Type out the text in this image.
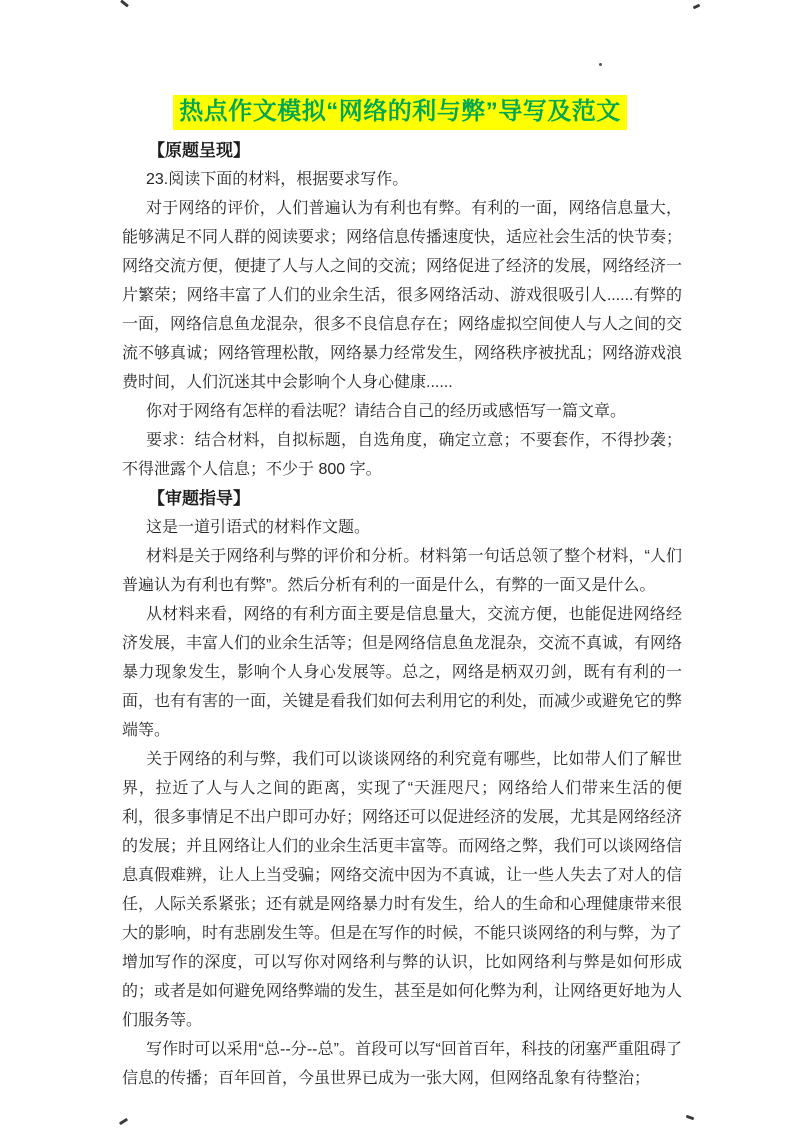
热点作文模拟“网络的利与弊”导写及范文
【原题呈现】

23.阅读下面的材料，根据要求写作。

对于网络的评价，人们普遍认为有利也有弊。有利的一面，网络信息量大，能够满足不同人群的阅读要求；网络信息传播速度快，适应社会生活的快节奏；网络交流方便，便捷了人与人之间的交流；网络促进了经济的发展，网络经济一片繁荣；网络丰富了人们的业余生活，很多网络活动、游戏很吸引人......有弊的一面，网络信息鱼龙混杂，很多不良信息存在；网络虚拟空间使人与人之间的交流不够真诚；网络管理松散，网络暴力经常发生，网络秩序被扰乱；网络游戏浪费时间，人们沉迷其中会影响个人身心健康......

你对于网络有怎样的看法呢？请结合自己的经历或感悟写一篇文章。

要求：结合材料，自拟标题，自选角度，确定立意；不要套作，不得抄袭；不得泄露个人信息；不少于 800 字。

【审题指导】

这是一道引语式的材料作文题。

材料是关于网络利与弊的评价和分析。材料第一句话总领了整个材料，“人们普遍认为有利也有弊”。然后分析有利的一面是什么，有弊的一面又是什么。

从材料来看，网络的有利方面主要是信息量大，交流方便，也能促进网络经济发展，丰富人们的业余生活等；但是网络信息鱼龙混杂，交流不真诚，有网络暴力现象发生，影响个人身心发展等。总之，网络是柄双刃剑，既有有利的一面，也有有害的一面，关键是看我们如何去利用它的利处，而减少或避免它的弊端等。

关于网络的利与弊，我们可以谈谈网络的利究竟有哪些，比如带人们了解世界，拉近了人与人之间的距离，实现了“天涯咫尺；网络给人们带来生活的便利，很多事情足不出户即可办好；网络还可以促进经济的发展，尤其是网络经济的发展；并且网络让人们的业余生活更丰富等。而网络之弊，我们可以谈网络信息真假难辨，让人上当受骗；网络交流中因为不真诚，让一些人失去了对人的信任，人际关系紧张；还有就是网络暴力时有发生，给人的生命和心理健康带来很大的影响，时有悲剧发生等。但是在写作的时候，不能只谈网络的利与弊，为了增加写作的深度，可以写你对网络利与弊的认识，比如网络利与弊是如何形成的；或者是如何避免网络弊端的发生，甚至是如何化弊为利，让网络更好地为人们服务等。

写作时可以采用“总--分--总”。首段可以写“回首百年，科技的闭塞严重阻碍了信息的传播；百年回首，今虽世界已成为一张大网，但网络乱象有待整治；
